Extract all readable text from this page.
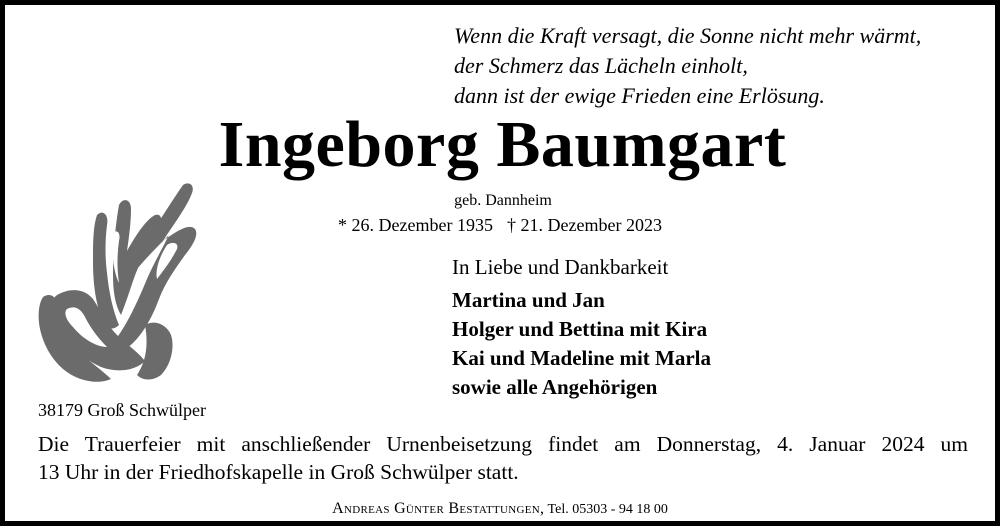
Wenn die Kraft versagt, die Sonne nicht mehr wärmt,
der Schmerz das Lächeln einholt,
dann ist der ewige Frieden eine Erlösung.
Ingeborg Baumgart
geb. Dannheim
* 26. Dezember 1935 † 21. Dezember 2023
In Liebe und Dankbarkeit
Martina und Jan
Holger und Bettina mit Kira
Kai und Madeline mit Marla
sowie alle Angehörigen
38179 Groß Schwülper
Die Trauerfeier mit anschließender Urnenbeisetzung findet am Donnerstag, 4. Januar 2024 um
13 Uhr in der Friedhofskapelle in Groß Schwülper statt.
Andreas Günter Bestattungen, Tel. 05303 - 94 18 00
